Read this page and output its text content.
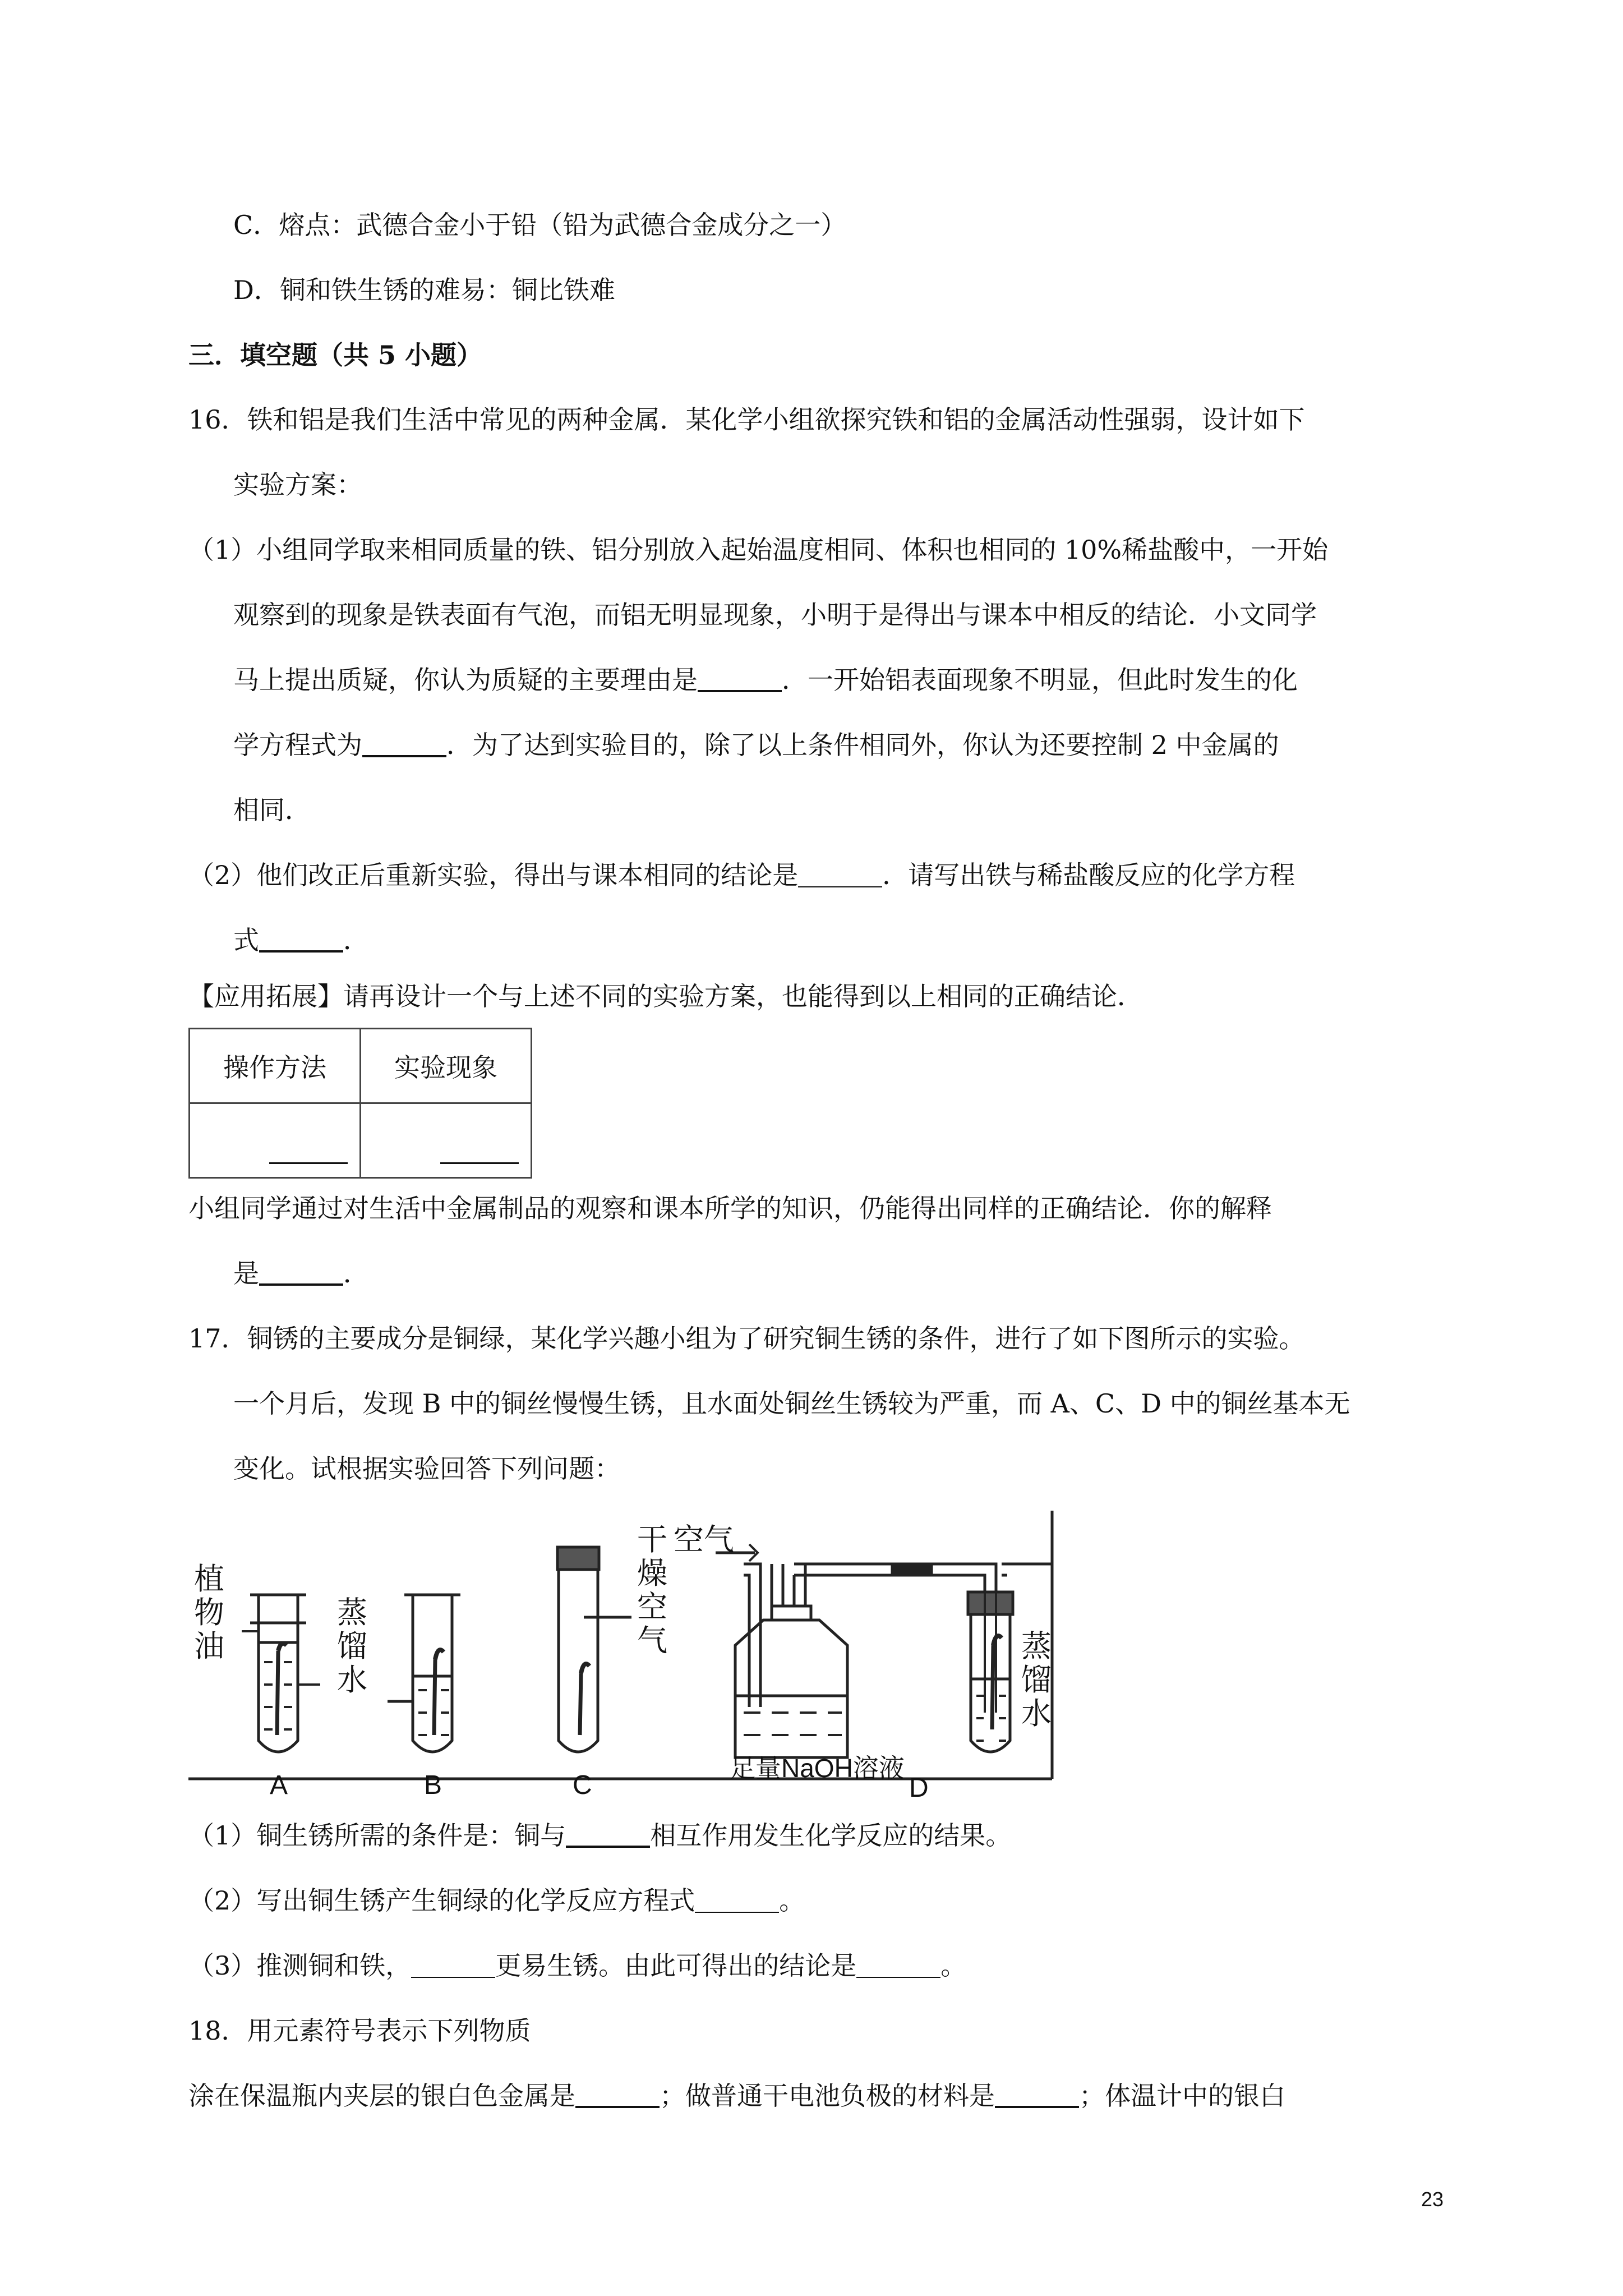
C．熔点：武德合金小于铅（铅为武德合金成分之一）
D．铜和铁生锈的难易：铜比铁难
三．填空题（共 5 小题）
16．铁和铝是我们生活中常见的两种金属．某化学小组欲探究铁和铝的金属活动性强弱，设计如下
实验方案：
（1）小组同学取来相同质量的铁、铝分别放入起始温度相同、体积也相同的 10%稀盐酸中，一开始
观察到的现象是铁表面有气泡，而铝无明显现象，小明于是得出与课本中相反的结论．小文同学
马上提出质疑，你认为质疑的主要理由是	．一开始铝表面现象不明显，但此时发生的化
学方程式为	．为了达到实验目的，除了以上条件相同外，你认为还要控制 2 中金属的
相同．
（2）他们改正后重新实验，得出与课本相同的结论是	．请写出铁与稀盐酸反应的化学方程
式	．
【应用拓展】请再设计一个与上述不同的实验方案，也能得到以上相同的正确结论．
操作方法	实验现象

小组同学通过对生活中金属制品的观察和课本所学的知识，仍能得出同样的正确结论．你的解释
是	．
17．铜锈的主要成分是铜绿，某化学兴趣小组为了研究铜生锈的条件，进行了如下图所示的实验。
一个月后，发现 B 中的铜丝慢慢生锈，且水面处铜丝生锈较为严重，而 A、C、D 中的铜丝基本无
变化。试根据实验回答下列问题：
植
物
油
蒸
馏
水
干
燥
空
气
空气
蒸
馏
水
足量NaOH溶液
A	B	C	D
（1）铜生锈所需的条件是：铜与	相互作用发生化学反应的结果。
（2）写出铜生锈产生铜绿的化学反应方程式	。
（3）推测铜和铁，	更易生锈。由此可得出的结论是	。
18．用元素符号表示下列物质
涂在保温瓶内夹层的银白色金属是	；做普通干电池负极的材料是	；体温计中的银白
23
